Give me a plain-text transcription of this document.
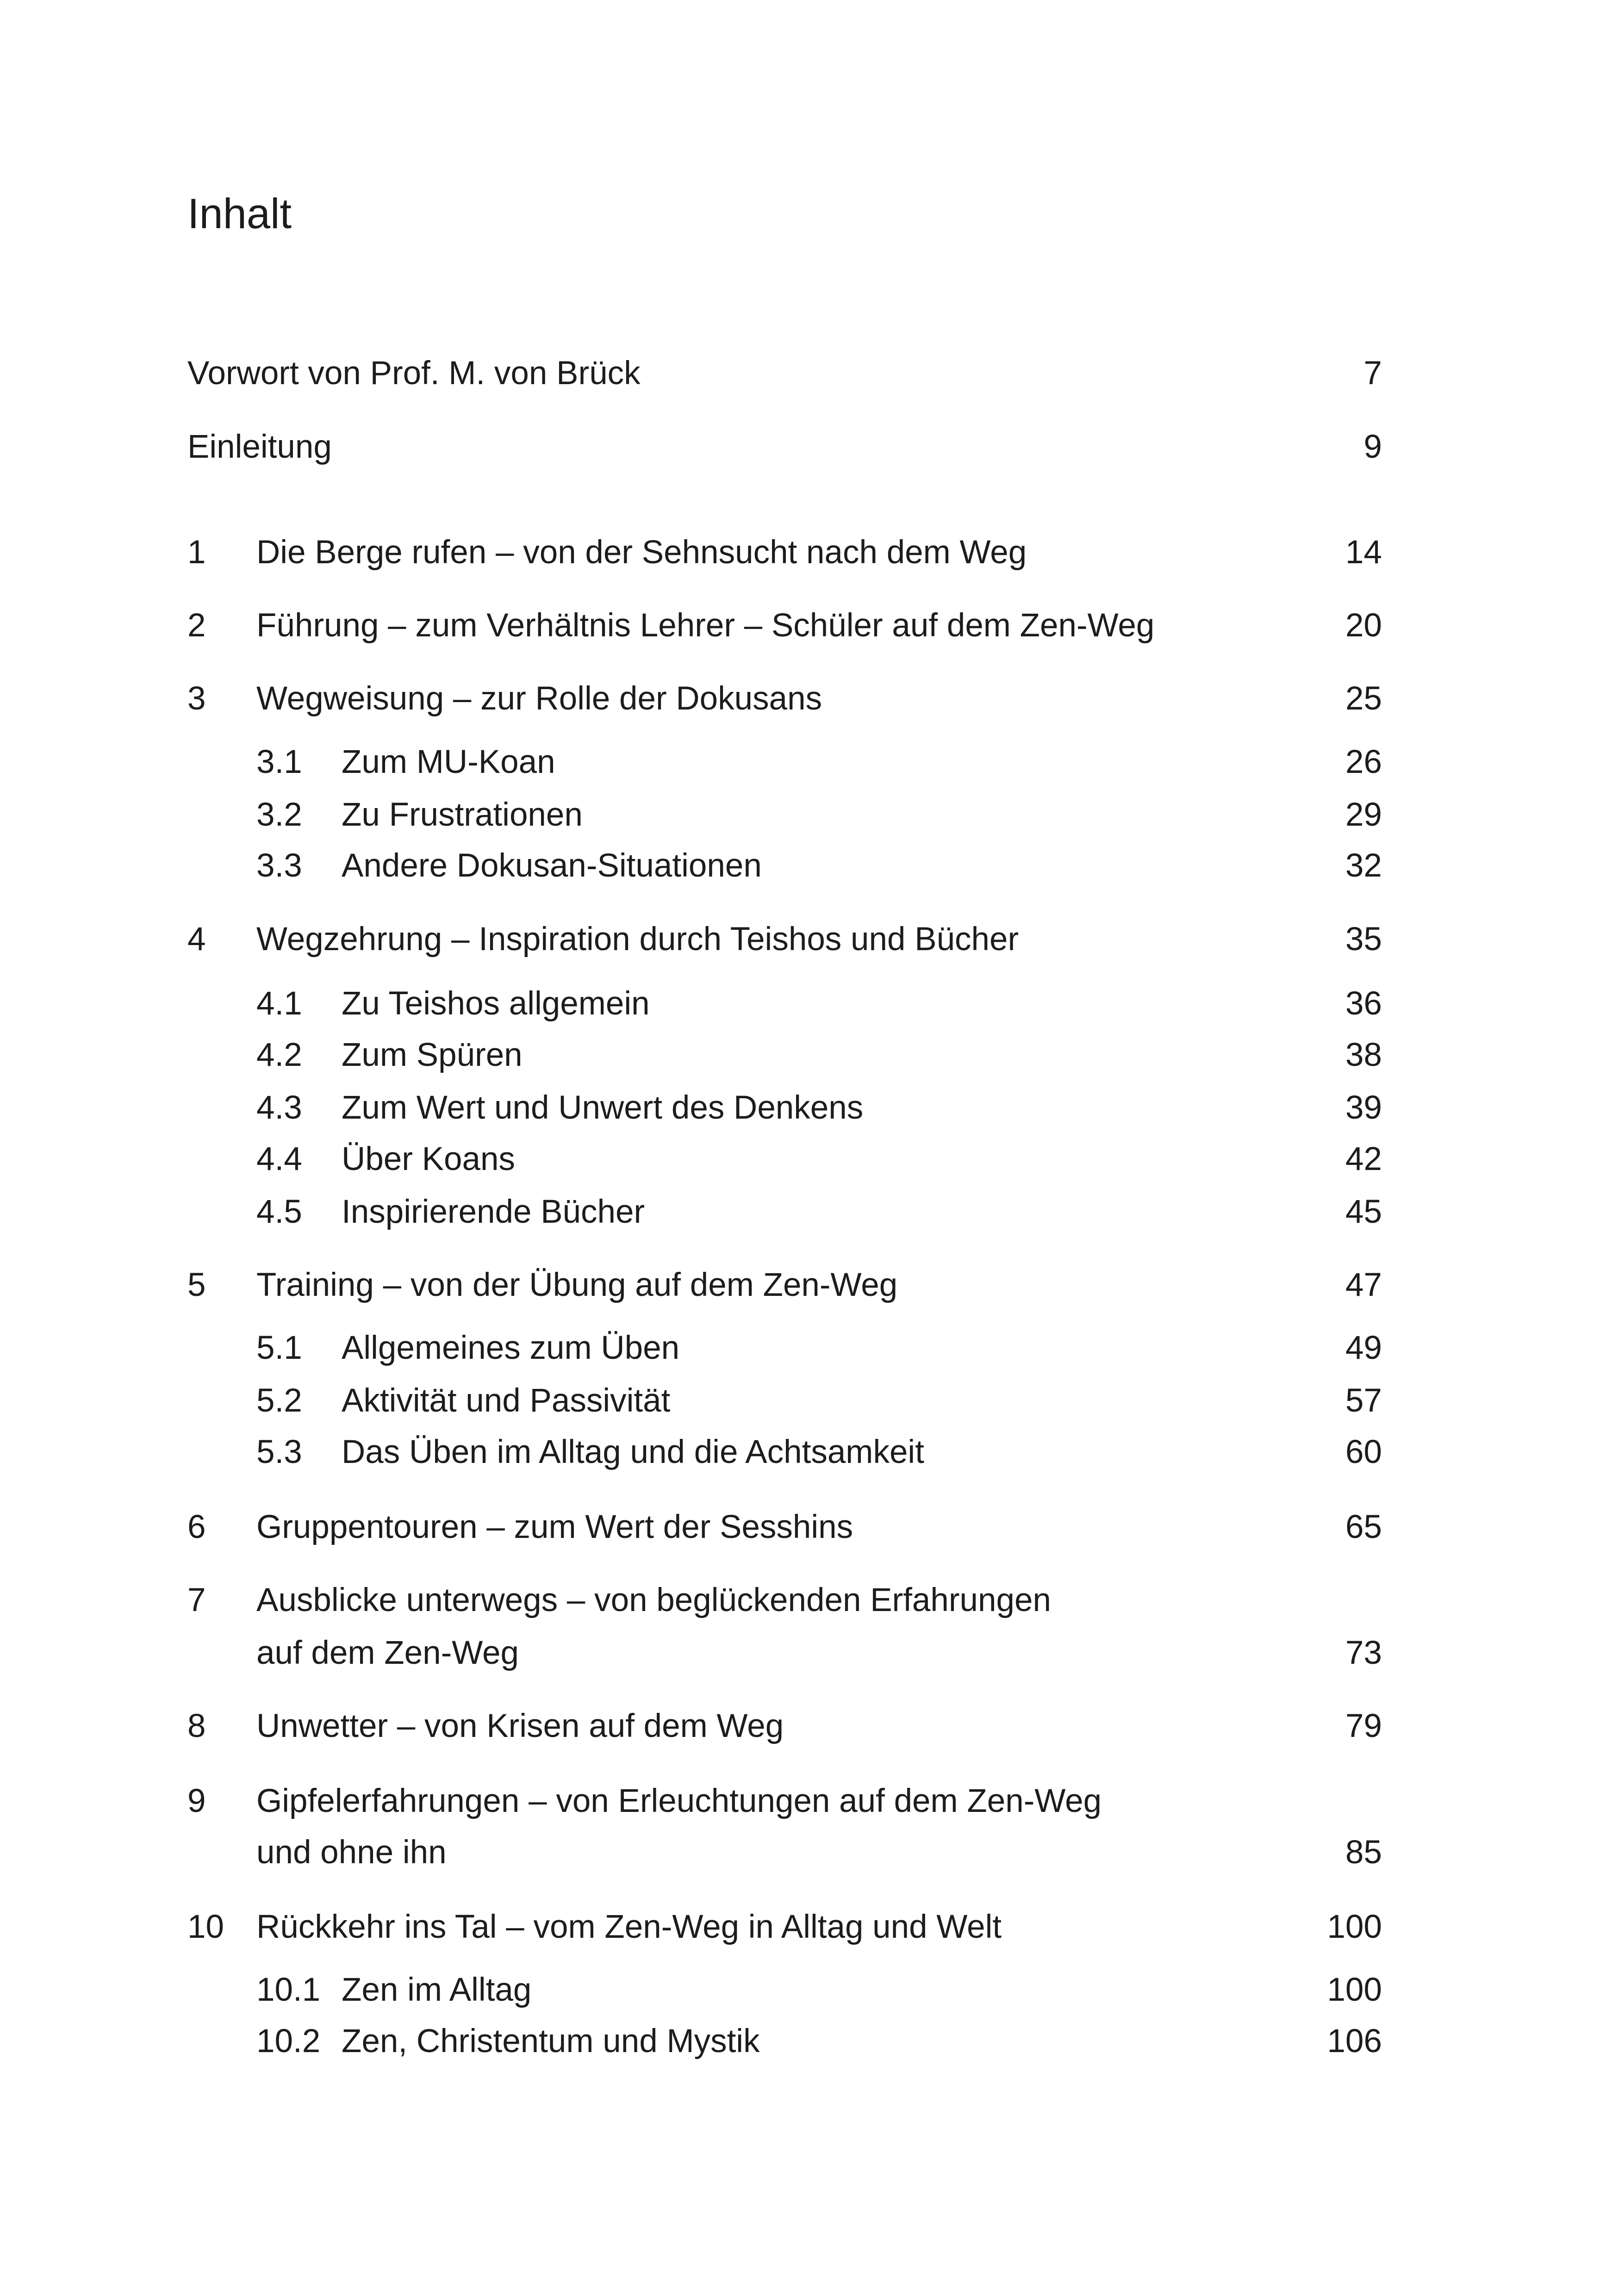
Inhalt
Vorwort von Prof. M. von Brück	7
Einleitung	9
1 Die Berge rufen – von der Sehnsucht nach dem Weg	14
2 Führung – zum Verhältnis Lehrer – Schüler auf dem Zen-Weg	20
3 Wegweisung – zur Rolle der Dokusans	25
3.1 Zum MU-Koan	26
3.2 Zu Frustrationen	29
3.3 Andere Dokusan-Situationen	32
4 Wegzehrung – Inspiration durch Teishos und Bücher	35
4.1 Zu Teishos allgemein	36
4.2 Zum Spüren	38
4.3 Zum Wert und Unwert des Denkens	39
4.4 Über Koans	42
4.5 Inspirierende Bücher	45
5 Training – von der Übung auf dem Zen-Weg	47
5.1 Allgemeines zum Üben	49
5.2 Aktivität und Passivität	57
5.3 Das Üben im Alltag und die Achtsamkeit	60
6 Gruppentouren – zum Wert der Sesshins	65
7 Ausblicke unterwegs – von beglückenden Erfahrungen
auf dem Zen-Weg	73
8 Unwetter – von Krisen auf dem Weg	79
9 Gipfelerfahrungen – von Erleuchtungen auf dem Zen-Weg
und ohne ihn	85
10 Rückkehr ins Tal – vom Zen-Weg in Alltag und Welt	100
10.1 Zen im Alltag	100
10.2 Zen, Christentum und Mystik	106
